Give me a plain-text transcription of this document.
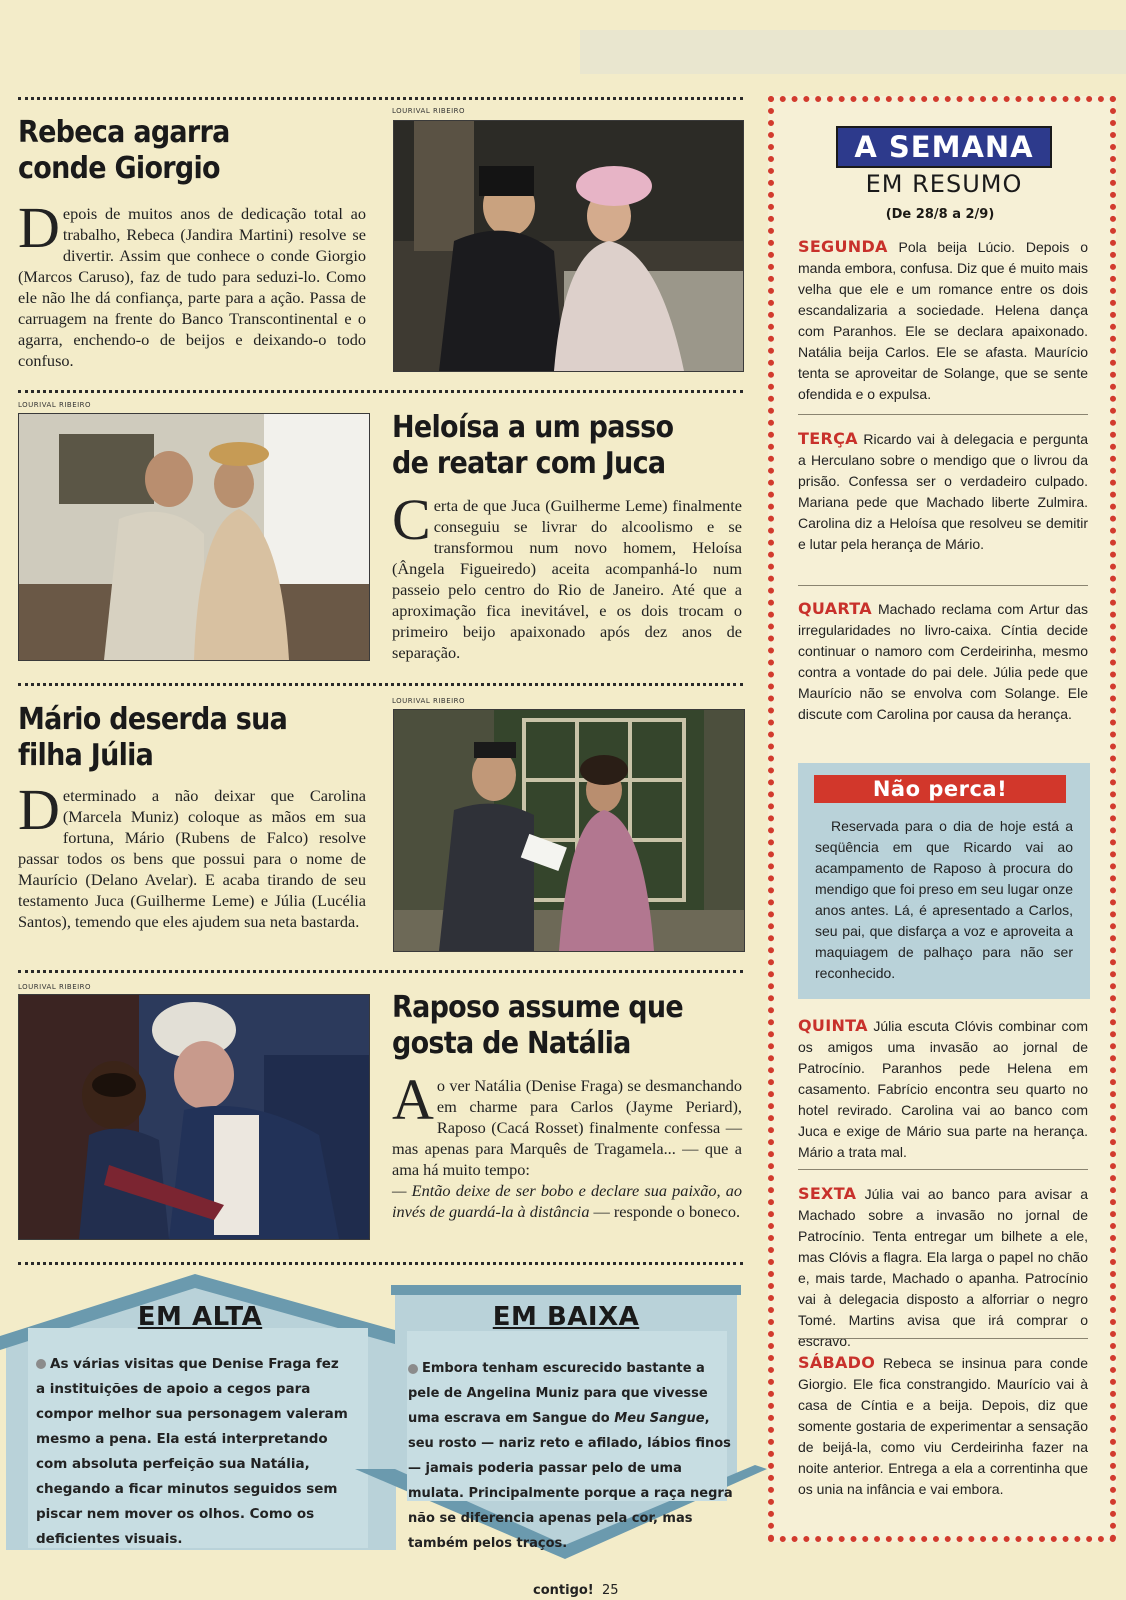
Rebeca agarra conde Giorgio

Depois de muitos anos de dedicação total ao trabalho, Rebeca (Jandira Martini) resolve se divertir. Assim que conhece o conde Giorgio (Marcos Caruso), faz de tudo para seduzi-lo. Como ele não lhe dá confiança, parte para a ação. Passa de carruagem na frente do Banco Transcontinental e o agarra, enchendo-o de beijos e deixando-o todo confuso.

LOURIVAL RIBEIRO
LOURIVAL RIBEIRO
Heloísa a um passo de reatar com Juca

Certa de que Juca (Guilherme Leme) finalmente conseguiu se livrar do alcoolismo e se transformou num novo homem, Heloísa (Ângela Figueiredo) aceita acompanhá-lo num passeio pelo centro do Rio de Janeiro. Até que a aproximação fica inevitável, e os dois trocam o primeiro beijo apaixonado após dez anos de separação.

Mário deserda sua filha Júlia

Determinado a não deixar que Carolina (Marcela Muniz) coloque as mãos em sua fortuna, Mário (Rubens de Falco) resolve passar todos os bens que possui para o nome de Maurício (Delano Avelar). E acaba tirando de seu testamento Juca (Guilherme Leme) e Júlia (Lucélia Santos), temendo que eles ajudem sua neta bastarda.

LOURIVAL RIBEIRO
LOURIVAL RIBEIRO
Raposo assume que gosta de Natália

Ao ver Natália (Denise Fraga) se desmanchando em charme para Carlos (Jayme Periard), Raposo (Cacá Rosset) finalmente confessa — mas apenas para Marquês de Tragamela... — que a ama há muito tempo:
— Então deixe de ser bobo e declare sua paixão, ao invés de guardá-la à distância — responde o boneco.

EM ALTA

As várias visitas que Denise Fraga fez a instituições de apoio a cegos para compor melhor sua personagem valeram mesmo a pena. Ela está interpretando com absoluta perfeição sua Natália, chegando a ficar minutos seguidos sem piscar nem mover os olhos. Como os deficientes visuais.

EM BAIXA

Embora tenham escurecido bastante a pele de Angelina Muniz para que vivesse uma escrava em Sangue do Meu Sangue, seu rosto — nariz reto e afilado, lábios finos — jamais poderia passar pelo de uma mulata. Principalmente porque a raça negra não se diferencia apenas pela cor, mas também pelos traços.

A SEMANA
EM RESUMO
(De 28/8 a 2/9)

SEGUNDA Pola beija Lúcio. Depois o manda embora, confusa. Diz que é muito mais velha que ele e um romance entre os dois escandalizaria a sociedade. Helena dança com Paranhos. Ele se declara apaixonado. Natália beija Carlos. Ele se afasta. Maurício tenta se aproveitar de Solange, que se sente ofendida e o expulsa.

TERÇA Ricardo vai à delegacia e pergunta a Herculano sobre o mendigo que o livrou da prisão. Confessa ser o verdadeiro culpado. Mariana pede que Machado liberte Zulmira. Carolina diz a Heloísa que resolveu se demitir e lutar pela herança de Mário.

QUARTA Machado reclama com Artur das irregularidades no livro-caixa. Cíntia decide continuar o namoro com Cerdeirinha, mesmo contra a vontade do pai dele. Júlia pede que Maurício não se envolva com Solange. Ele discute com Carolina por causa da herança.

Não perca!

Reservada para o dia de hoje está a seqüência em que Ricardo vai ao acampamento de Raposo à procura do mendigo que foi preso em seu lugar onze anos antes. Lá, é apresentado a Carlos, seu pai, que disfarça a voz e aproveita a maquiagem de palhaço para não ser reconhecido.

QUINTA Júlia escuta Clóvis combinar com os amigos uma invasão ao jornal de Patrocínio. Paranhos pede Helena em casamento. Fabrício encontra seu quarto no hotel revirado. Carolina vai ao banco com Juca e exige de Mário sua parte na herança. Mário a trata mal.

SEXTA Júlia vai ao banco para avisar a Machado sobre a invasão no jornal de Patrocínio. Tenta entregar um bilhete a ele, mas Clóvis a flagra. Ela larga o papel no chão e, mais tarde, Machado o apanha. Patrocínio vai à delegacia disposto a alforriar o negro Tomé. Martins avisa que irá comprar o escravo.

SÁBADO Rebeca se insinua para conde Giorgio. Ele fica constrangido. Maurício vai à casa de Cíntia e a beija. Depois, diz que somente gostaria de experimentar a sensação de beijá-la, como viu Cerdeirinha fazer na noite anterior. Entrega a ela a correntinha que os unia na infância e vai embora.

contigo! 25
